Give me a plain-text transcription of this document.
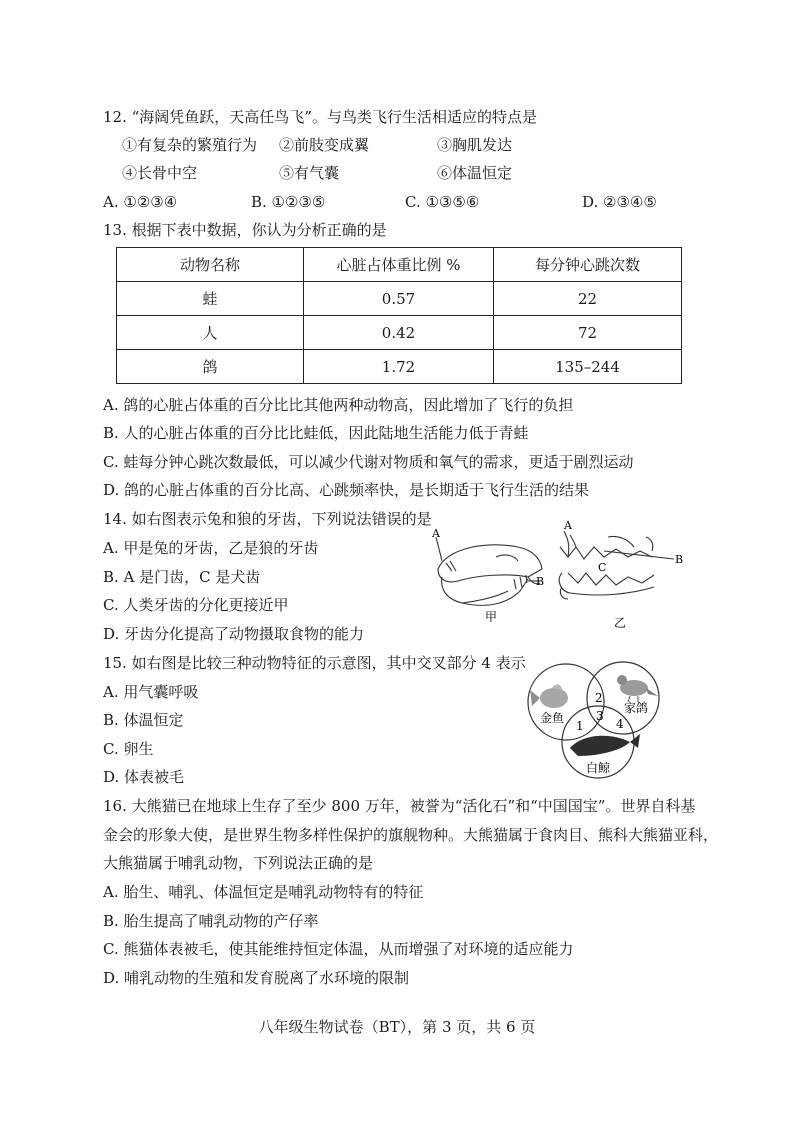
12. “海阔凭鱼跃，天高任鸟飞”。与鸟类飞行生活相适应的特点是
①有复杂的繁殖行为 ②前肢变成翼	③胸肌发达
④长骨中空	⑤有气囊	⑥体温恒定
A. ①②③④	B. ①②③⑤	C. ①③⑤⑥	D. ②③④⑤
13. 根据下表中数据，你认为分析正确的是
动物名称	心脏占体重比例 %	每分钟心跳次数
蛙	0.57	22
人	0.42	72
鸽	1.72	135–244
A. 鸽的心脏占体重的百分比比其他两种动物高，因此增加了飞行的负担
B. 人的心脏占体重的百分比比蛙低，因此陆地生活能力低于青蛙
C. 蛙每分钟心跳次数最低，可以减少代谢对物质和氧气的需求，更适于剧烈运动
D. 鸽的心脏占体重的百分比高、心跳频率快，是长期适于飞行生活的结果
14. 如右图表示兔和狼的牙齿，下列说法错误的是
A. 甲是兔的牙齿，乙是狼的牙齿
B. A 是门齿，C 是犬齿
C. 人类牙齿的分化更接近甲
D. 牙齿分化提高了动物摄取食物的能力
A
B
甲
A
B
C
乙
15. 如右图是比较三种动物特征的示意图，其中交叉部分 4 表示
A. 用气囊呼吸
B. 体温恒定
C. 卵生
D. 体表被毛
金鱼
家鸽
白鲸
1
2
3
4
16. 大熊猫已在地球上生存了至少 800 万年，被誉为“活化石”和“中国国宝”。世界自科基
金会的形象大使，是世界生物多样性保护的旗舰物种。大熊猫属于食肉目、熊科大熊猫亚科，
大熊猫属于哺乳动物，下列说法正确的是
A. 胎生、哺乳、体温恒定是哺乳动物特有的特征
B. 胎生提高了哺乳动物的产仔率
C. 熊猫体表被毛，使其能维持恒定体温，从而增强了对环境的适应能力
D. 哺乳动物的生殖和发育脱离了水环境的限制
八年级生物试卷（BT），第 3 页，共 6 页
